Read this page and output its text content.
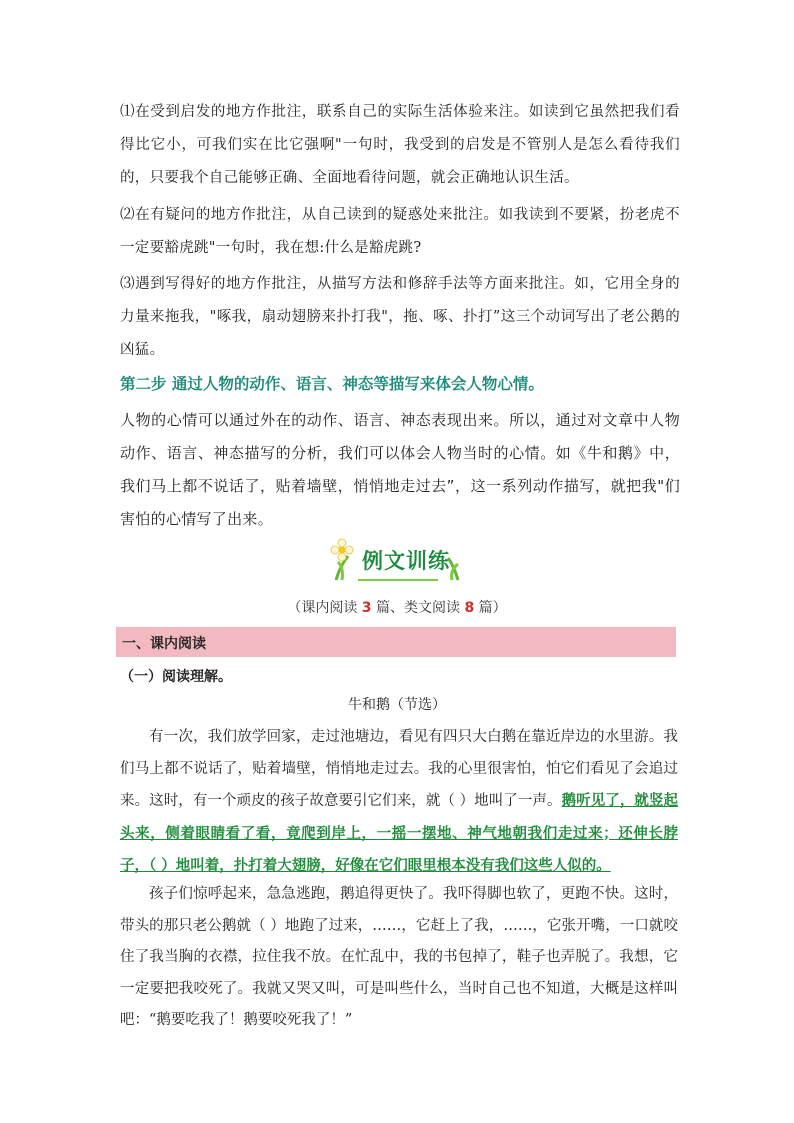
⑴在受到启发的地方作批注，联系自己的实际生活体验来注。如读到它虽然把我们看得比它小，可我们实在比它强啊"一句时，我受到的启发是不管别人是怎么看待我们的，只要我个自己能够正确、全面地看待问题，就会正确地认识生活。
⑵在有疑问的地方作批注，从自己读到的疑惑处来批注。如我读到不要紧，扮老虎不一定要豁虎跳"一句时，我在想:什么是豁虎跳?
⑶遇到写得好的地方作批注，从描写方法和修辞手法等方面来批注。如，它用全身的力量来拖我，"啄我，扇动翅膀来扑打我"，拖、啄、扑打”这三个动词写出了老公鹅的凶猛。
第二步 通过人物的动作、语言、神态等描写来体会人物心情。
人物的心情可以通过外在的动作、语言、神态表现出来。所以，通过对文章中人物动作、语言、神态描写的分析，我们可以体会人物当时的心情。如《牛和鹅》中，我们马上都不说话了，贴着墙壁，悄悄地走过去”，这一系列动作描写，就把我"们害怕的心情写了出来。
例文训练
（课内阅读 3 篇、类文阅读 8 篇）
一、课内阅读
（一）阅读理解。
牛和鹅（节选）
有一次，我们放学回家，走过池塘边，看见有四只大白鹅在靠近岸边的水里游。我们马上都不说话了，贴着墙壁，悄悄地走过去。我的心里很害怕，怕它们看见了会追过来。这时，有一个顽皮的孩子故意要引它们来，就（ ）地叫了一声。鹅听见了，就竖起头来，侧着眼睛看了看，竟爬到岸上，一摇一摆地、神气地朝我们走过来；还伸长脖子，（ ）地叫着，扑打着大翅膀，好像在它们眼里根本没有我们这些人似的。
孩子们惊呼起来，急急逃跑，鹅追得更快了。我吓得脚也软了，更跑不快。这时，带头的那只老公鹅就（ ）地跑了过来，……，它赶上了我，……，它张开嘴，一口就咬住了我当胸的衣襟，拉住我不放。在忙乱中，我的书包掉了，鞋子也弄脱了。我想，它一定要把我咬死了。我就又哭又叫，可是叫些什么，当时自己也不知道，大概是这样叫吧：“鹅要吃我了！鹅要咬死我了！”
